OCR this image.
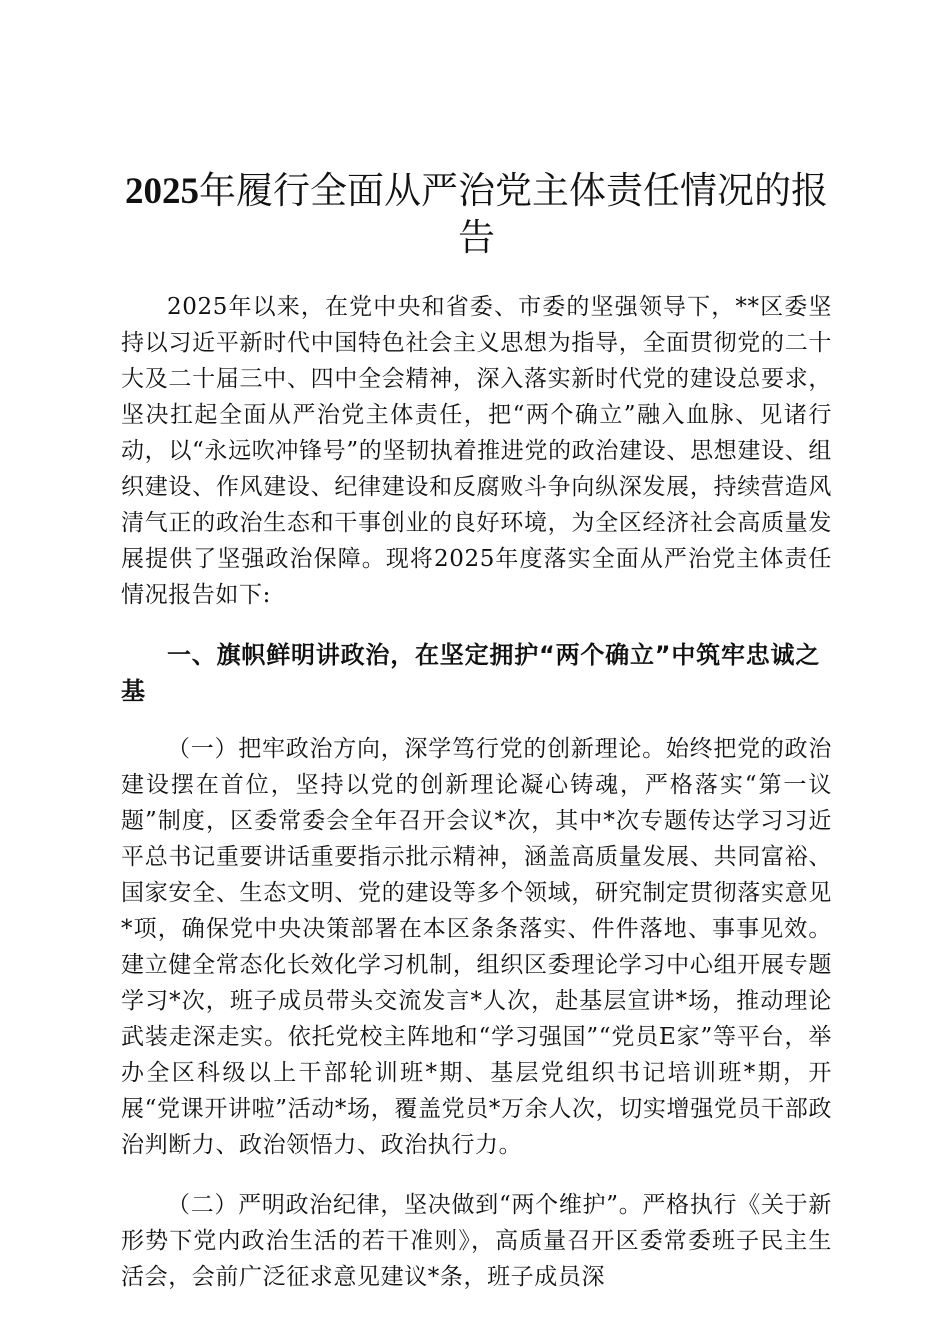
2025年履行全面从严治党主体责任情况的报告

2025年以来，在党中央和省委、市委的坚强领导下，**区委坚持以习近平新时代中国特色社会主义思想为指导，全面贯彻党的二十大及二十届三中、四中全会精神，深入落实新时代党的建设总要求，坚决扛起全面从严治党主体责任，把“两个确立”融入血脉、见诸行动，以“永远吹冲锋号”的坚韧执着推进党的政治建设、思想建设、组织建设、作风建设、纪律建设和反腐败斗争向纵深发展，持续营造风清气正的政治生态和干事创业的良好环境，为全区经济社会高质量发展提供了坚强政治保障。现将2025年度落实全面从严治党主体责任情况报告如下:

一、旗帜鲜明讲政治，在坚定拥护“两个确立”中筑牢忠诚之基

（一）把牢政治方向，深学笃行党的创新理论。始终把党的政治建设摆在首位，坚持以党的创新理论凝心铸魂，严格落实“第一议题”制度，区委常委会全年召开会议*次，其中*次专题传达学习习近平总书记重要讲话重要指示批示精神，涵盖高质量发展、共同富裕、国家安全、生态文明、党的建设等多个领域，研究制定贯彻落实意见*项，确保党中央决策部署在本区条条落实、件件落地、事事见效。建立健全常态化长效化学习机制，组织区委理论学习中心组开展专题学习*次，班子成员带头交流发言*人次，赴基层宣讲*场，推动理论武装走深走实。依托党校主阵地和“学习强国”“党员E家”等平台，举办全区科级以上干部轮训班*期、基层党组织书记培训班*期，开展“党课开讲啦”活动*场，覆盖党员*万余人次，切实增强党员干部政治判断力、政治领悟力、政治执行力。

（二）严明政治纪律，坚决做到“两个维护”。严格执行《关于新形势下党内政治生活的若干准则》，高质量召开区委常委班子民主生活会，会前广泛征求意见建议*条，班子成员深
